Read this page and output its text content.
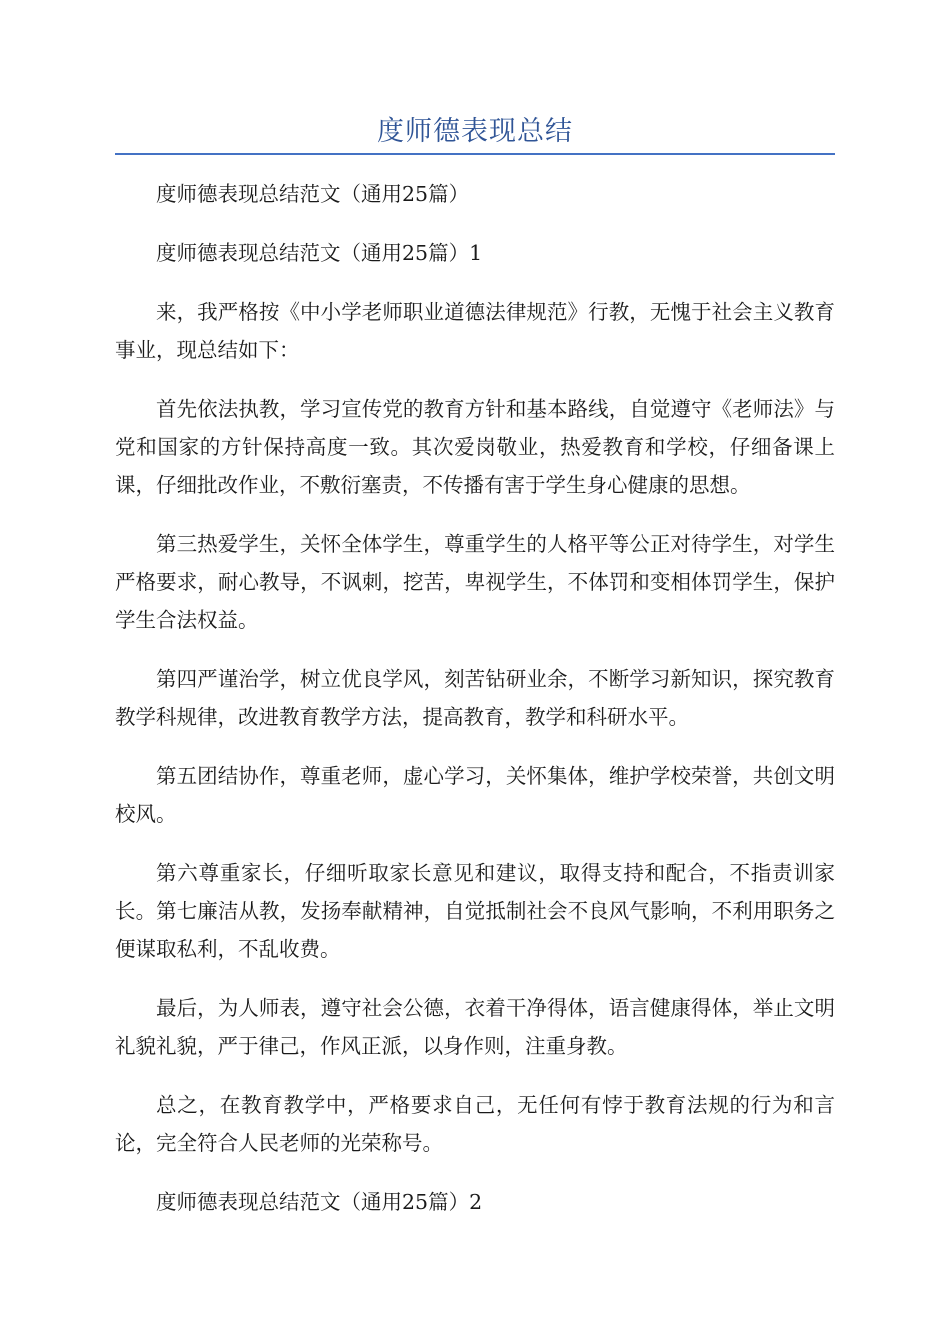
度师德表现总结

度师德表现总结范文（通用25篇）

度师德表现总结范文（通用25篇）1

来，我严格按《中小学老师职业道德法律规范》行教，无愧于社会主义教育事业，现总结如下：

首先依法执教，学习宣传党的教育方针和基本路线，自觉遵守《老师法》与党和国家的方针保持高度一致。其次爱岗敬业，热爱教育和学校，仔细备课上课，仔细批改作业，不敷衍塞责，不传播有害于学生身心健康的思想。

第三热爱学生，关怀全体学生，尊重学生的人格平等公正对待学生，对学生严格要求，耐心教导，不讽刺，挖苦，卑视学生，不体罚和变相体罚学生，保护学生合法权益。

第四严谨治学，树立优良学风，刻苦钻研业余，不断学习新知识，探究教育教学科规律，改进教育教学方法，提高教育，教学和科研水平。

第五团结协作，尊重老师，虚心学习，关怀集体，维护学校荣誉，共创文明校风。

第六尊重家长，仔细听取家长意见和建议，取得支持和配合，不指责训家长。第七廉洁从教，发扬奉献精神，自觉抵制社会不良风气影响，不利用职务之便谋取私利，不乱收费。

最后，为人师表，遵守社会公德，衣着干净得体，语言健康得体，举止文明礼貌礼貌，严于律己，作风正派，以身作则，注重身教。

总之，在教育教学中，严格要求自己，无任何有悖于教育法规的行为和言论，完全符合人民老师的光荣称号。

度师德表现总结范文（通用25篇）2
